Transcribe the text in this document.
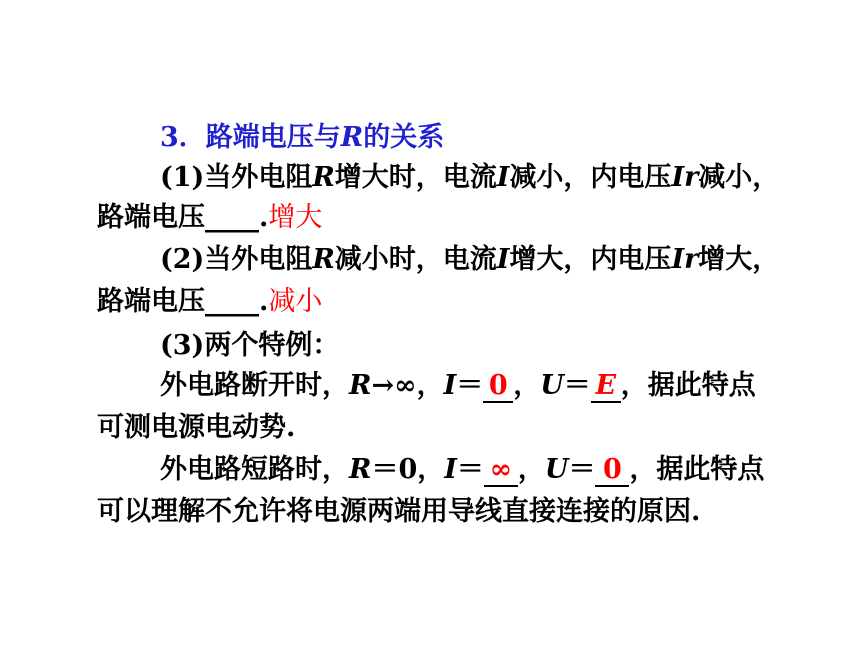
3．路端电压与R的关系
(1)当外电阻R增大时，电流I减小，内电压Ir减小，
路端电压____.增大
(2)当外电阻R减小时，电流I增大，内电压Ir增大，
路端电压____.减小
(3)两个特例：
外电路断开时，R→∞，I＝ 0 ，U＝ E ，据此特点
可测电源电动势.
外电路短路时，R＝0，I＝ ∞ ，U＝ 0 ，据此特点
可以理解不允许将电源两端用导线直接连接的原因.
